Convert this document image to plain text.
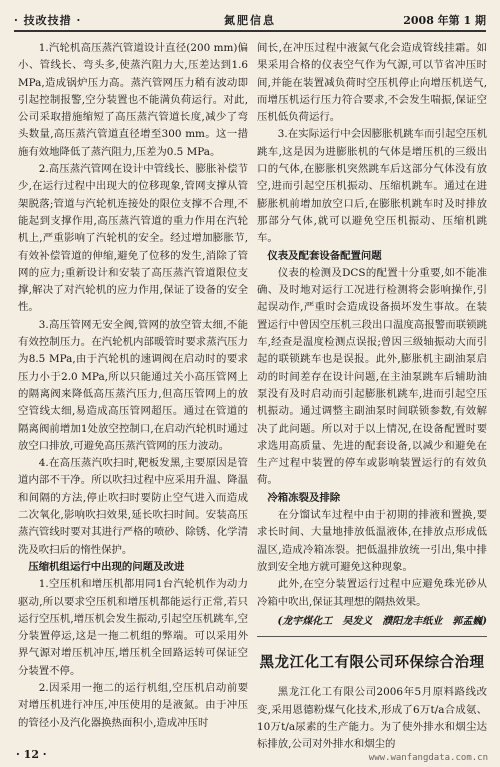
· 技改技措 ·	氮肥信息	2008 年第 1 期

1.汽轮机高压蒸汽管道设计直径(200 mm)偏小、管线长、弯头多,使蒸汽阻力大,压差达到1.6 MPa,造成锅炉压力高。蒸汽管网压力稍有波动即引起控制报警,空分装置也不能满负荷运行。对此,公司采取措施缩短了高压蒸汽管道长度,减少了弯头数量,高压蒸汽管道直径增至300 mm。这一措施有效地降低了蒸汽阻力,压差为0.5 MPa。

2.高压蒸汽管网在设计中管线长、膨胀补偿节少,在运行过程中出现大的位移现象,管网支撑从管架脱落;管道与汽轮机连接处的限位支撑不合理,不能起到支撑作用,高压蒸汽管道的重力作用在汽轮机上,严重影响了汽轮机的安全。经过增加膨胀节,有效补偿管道的伸缩,避免了位移的发生,消除了管网的应力;重新设计和安装了高压蒸汽管道限位支撑,解决了对汽轮机的应力作用,保证了设备的安全性。

3.高压管网无安全阀,管网的放空管太细,不能有效控制压力。在汽轮机内部暖管时要求蒸汽压力为8.5 MPa,由于汽轮机的速调阀在启动时的要求压力小于2.0 MPa,所以只能通过关小高压管网上的隔离阀来降低高压蒸汽压力,但高压管网上的放空管线太细,易造成高压管网超压。通过在管道的隔离阀前增加1处放空控制口,在启动汽轮机时通过放空口排放,可避免高压蒸汽管网的压力波动。

4.在高压蒸汽吹扫时,靶板发黑,主要原因是管道内部不干净。所以吹扫过程中应采用升温、降温和间隔的方法,停止吹扫时要防止空气进入而造成二次氧化,影响吹扫效果,延长吹扫时间。安装高压蒸汽管线时要对其进行严格的喷砂、除锈、化学清洗及吹扫后的惰性保护。

压缩机组运行中出现的问题及改进

1.空压机和增压机都用同1台汽轮机作为动力驱动,所以要求空压机和增压机都能运行正常,若只运行空压机,增压机会发生振动,引起空压机跳车,空分装置停运,这是一拖二机组的弊端。可以采用外界气源对增压机冲压,增压机全回路运转可保证空分装置不停。

2.因采用一拖二的运行机组,空压机启动前要对增压机进行冲压,冲压使用的是液氮。由于冲压的管径小及汽化器换热面积小,造成冲压时

间长,在冲压过程中液氮气化会造成管线挂霜。如果采用合格的仪表空气作为气源,可以节省冲压时间,并能在装置减负荷时空压机停止向增压机送气,而增压机运行压力符合要求,不会发生喘振,保证空压机低负荷运行。

3.在实际运行中会因膨胀机跳车而引起空压机跳车,这是因为进膨胀机的气体是增压机的三级出口的气体,在膨胀机突然跳车后这部分气体没有放空,进而引起空压机振动、压缩机跳车。通过在进膨胀机前增加放空口后,在膨胀机跳车时及时排放那部分气体,就可以避免空压机振动、压缩机跳车。

仪表及配套设备配置问题

仪表的检测及DCS的配置十分重要,如不能准确、及时地对运行工况进行检测将会影响操作,引起误动作,严重时会造成设备损坏发生事故。在装置运行中曾因空压机三段出口温度高报警而联锁跳车,经查是温度检测点误报;曾因三级轴振动大而引起的联锁跳车也是误报。此外,膨胀机主副油泵启动的时间差存在设计问题,在主油泵跳车后辅助油泵没有及时启动而引起膨胀机跳车,进而引起空压机振动。通过调整主副油泵时间联锁参数,有效解决了此问题。所以对于以上情况,在设备配置时要求选用高质量、先进的配套设备,以减少和避免在生产过程中装置的停车或影响装置运行的有效负荷。

冷箱冻裂及排除

在分馏试车过程中由于初期的排液和置换,要求长时间、大量地排放低温液体,在排放点形成低温区,造成冷箱冻裂。把低温排放统一引出,集中排放到安全地方就可避免这种现象。

此外,在空分装置运行过程中应避免珠光砂从冷箱中吹出,保证其理想的隔热效果。

(龙宇煤化工　吴发义　濮阳龙丰纸业　郭孟巍)
黑龙江化工有限公司环保综合治理

黑龙江化工有限公司2006年5月原料路线改变,采用恩德粉煤气化技术,形成了6万t/a合成氨、10万t/a尿素的生产能力。为了使外排水和烟尘达标排放,公司对外排水和烟尘的

· 12 ·	www.wanfangdata.com.cn
